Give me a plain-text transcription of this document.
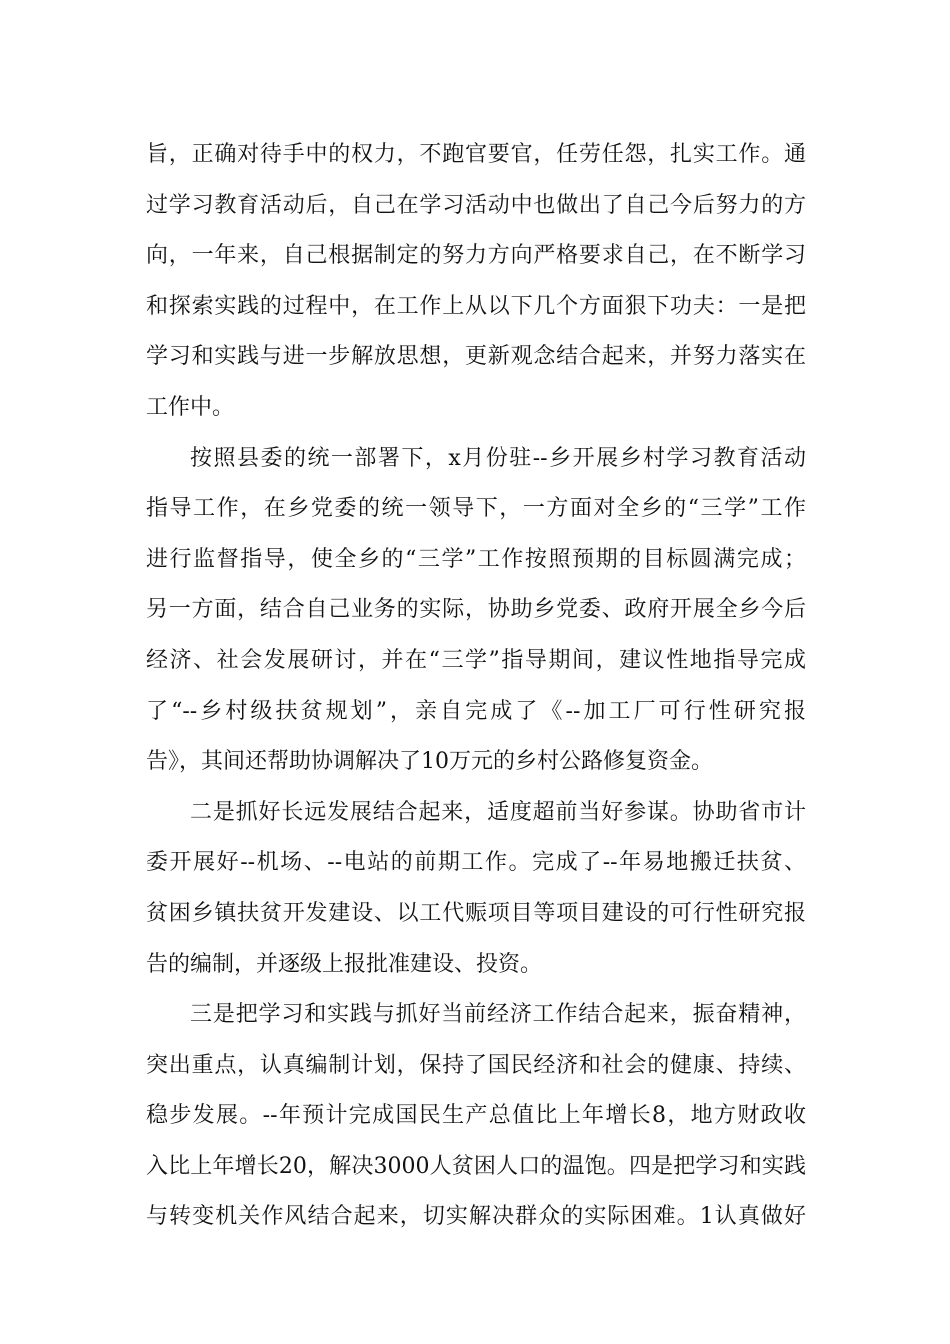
旨，正确对待手中的权力，不跑官要官，任劳任怨，扎实工作。通
过学习教育活动后，自己在学习活动中也做出了自己今后努力的方
向，一年来，自己根据制定的努力方向严格要求自己，在不断学习
和探索实践的过程中，在工作上从以下几个方面狠下功夫：一是把
学习和实践与进一步解放思想，更新观念结合起来，并努力落实在
工作中。
按照县委的统一部署下，x月份驻--乡开展乡村学习教育活动
指导工作，在乡党委的统一领导下，一方面对全乡的“三学”工作
进行监督指导，使全乡的“三学”工作按照预期的目标圆满完成；
另一方面，结合自己业务的实际，协助乡党委、政府开展全乡今后
经济、社会发展研讨，并在“三学”指导期间，建议性地指导完成
了“--乡村级扶贫规划”，亲自完成了《--加工厂可行性研究报
告》，其间还帮助协调解决了10万元的乡村公路修复资金。
二是抓好长远发展结合起来，适度超前当好参谋。协助省市计
委开展好--机场、--电站的前期工作。完成了--年易地搬迁扶贫、
贫困乡镇扶贫开发建设、以工代赈项目等项目建设的可行性研究报
告的编制，并逐级上报批准建设、投资。
三是把学习和实践与抓好当前经济工作结合起来，振奋精神，
突出重点，认真编制计划，保持了国民经济和社会的健康、持续、
稳步发展。--年预计完成国民生产总值比上年增长8，地方财政收
入比上年增长20，解决3000人贫困人口的温饱。四是把学习和实践
与转变机关作风结合起来，切实解决群众的实际困难。1认真做好
